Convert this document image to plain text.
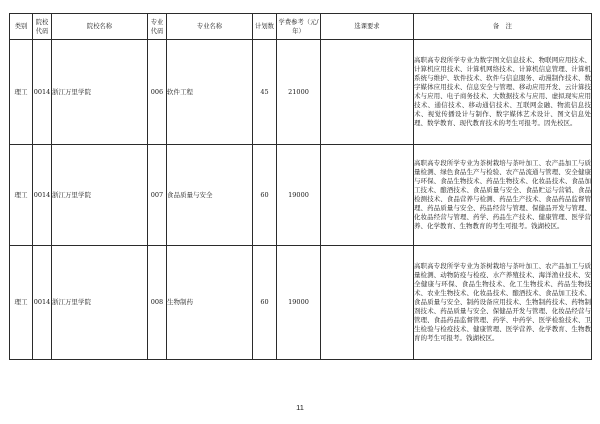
类别	院校代码	院校名称	专业代码	专业名称	计划数	学费参考（元/年）	选课要求	备　注
理工	0014	浙江万里学院	006	软件工程	45	21000		高职高专段所学专业为数字图文信息技术、物联网应用技术、计算机应用技术、计算机网络技术、计算机信息管理、计算机系统与维护、软件技术、软件与信息服务、动漫制作技术、数字媒体应用技术、信息安全与管理、移动应用开发、云计算技术与应用、电子商务技术、大数据技术与应用、虚拟现实应用技术、通信技术、移动通信技术、互联网金融、物流信息技术、视觉传播设计与制作、数字媒体艺术设计、图文信息处理、数学教育、现代教育技术的考生可报考。因先校区。
理工	0014	浙江万里学院	007	食品质量与安全	60	19000		高职高专段所学专业为茶树栽培与茶叶加工、农产品加工与质量检测、绿色食品生产与检验、农产品流通与管理、安全健康与环保、食品生物技术、药品生物技术、化妆品技术、食品加工技术、酿酒技术、食品质量与安全、食品贮运与营销、食品检测技术、食品营养与检测、药品生产技术、食品药品监督管理、药品质量与安全、药品经营与管理、保健品开发与管理、化妆品经营与管理、药学、药品生产技术、健康管理、医学营养、化学教育、生物教育的考生可报考。钱湖校区。
理工	0014	浙江万里学院	008	生物制药	60	19000		高职高专段所学专业为茶树栽培与茶叶加工、农产品加工与质量检测、动物防疫与检疫、水产养殖技术、海洋渔业技术、安全健康与环保、食品生物技术、化工生物技术、药品生物技术、农业生物技术、化妆品技术、酿酒技术、食品加工技术、食品质量与安全、制药设备应用技术、生物制药技术、药物制剂技术、药品质量与安全、保健品开发与管理、化妆品经营与管理、食品药品监督管理、药学、中药学、医学检验技术、卫生检验与检疫技术、健康管理、医学营养、化学教育、生物教育的考生可报考。钱湖校区。
11
